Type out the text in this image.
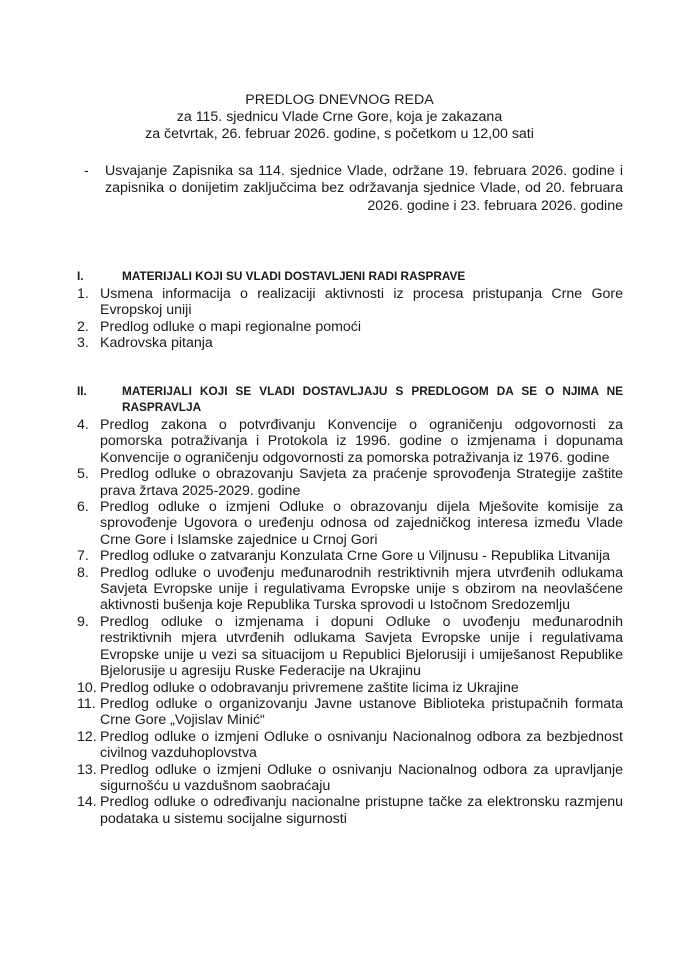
PREDLOG DNEVNOG REDA
za 115. sjednicu Vlade Crne Gore, koja je zakazana
za četvrtak, 26. februar 2026. godine, s početkom u 12,00 sati
- Usvajanje Zapisnika sa 114. sjednice Vlade, održane 19. februara 2026. godine i zapisnika o donijetim zaključcima bez održavanja sjednice Vlade, od 20. februara 2026. godine i 23. februara 2026. godine
I.	MATERIJALI KOJI SU VLADI DOSTAVLJENI RADI RASPRAVE
1. Usmena informacija o realizaciji aktivnosti iz procesa pristupanja Crne Gore Evropskoj uniji
2. Predlog odluke o mapi regionalne pomoći
3. Kadrovska pitanja
II.	MATERIJALI KOJI SE VLADI DOSTAVLJAJU S PREDLOGOM DA SE O NJIMA NE RASPRAVLJA
4. Predlog zakona o potvrđivanju Konvencije o ograničenju odgovornosti za pomorska potraživanja i Protokola iz 1996. godine o izmjenama i dopunama Konvencije o ograničenju odgovornosti za pomorska potraživanja iz 1976. godine
5. Predlog odluke o obrazovanju Savjeta za praćenje sprovođenja Strategije zaštite prava žrtava 2025-2029. godine
6. Predlog odluke o izmjeni Odluke o obrazovanju dijela Mješovite komisije za sprovođenje Ugovora o uređenju odnosa od zajedničkog interesa između Vlade Crne Gore i Islamske zajednice u Crnoj Gori
7. Predlog odluke o zatvaranju Konzulata Crne Gore u Viljnusu - Republika Litvanija
8. Predlog odluke o uvođenju međunarodnih restriktivnih mjera utvrđenih odlukama Savjeta Evropske unije i regulativama Evropske unije s obzirom na neovlašćene aktivnosti bušenja koje Republika Turska sprovodi u Istočnom Sredozemlju
9. Predlog odluke o izmjenama i dopuni Odluke o uvođenju međunarodnih restriktivnih mjera utvrđenih odlukama Savjeta Evropske unije i regulativama Evropske unije u vezi sa situacijom u Republici Bjelorusiji i umiješanost Republike Bjelorusije u agresiju Ruske Federacije na Ukrajinu
10. Predlog odluke o odobravanju privremene zaštite licima iz Ukrajine
11. Predlog odluke o organizovanju Javne ustanove Biblioteka pristupačnih formata Crne Gore „Vojislav Minić“
12. Predlog odluke o izmjeni Odluke o osnivanju Nacionalnog odbora za bezbjednost civilnog vazduhoplovstva
13. Predlog odluke o izmjeni Odluke o osnivanju Nacionalnog odbora za upravljanje sigurnošću u vazdušnom saobraćaju
14. Predlog odluke o određivanju nacionalne pristupne tačke za elektronsku razmjenu podataka u sistemu socijalne sigurnosti
